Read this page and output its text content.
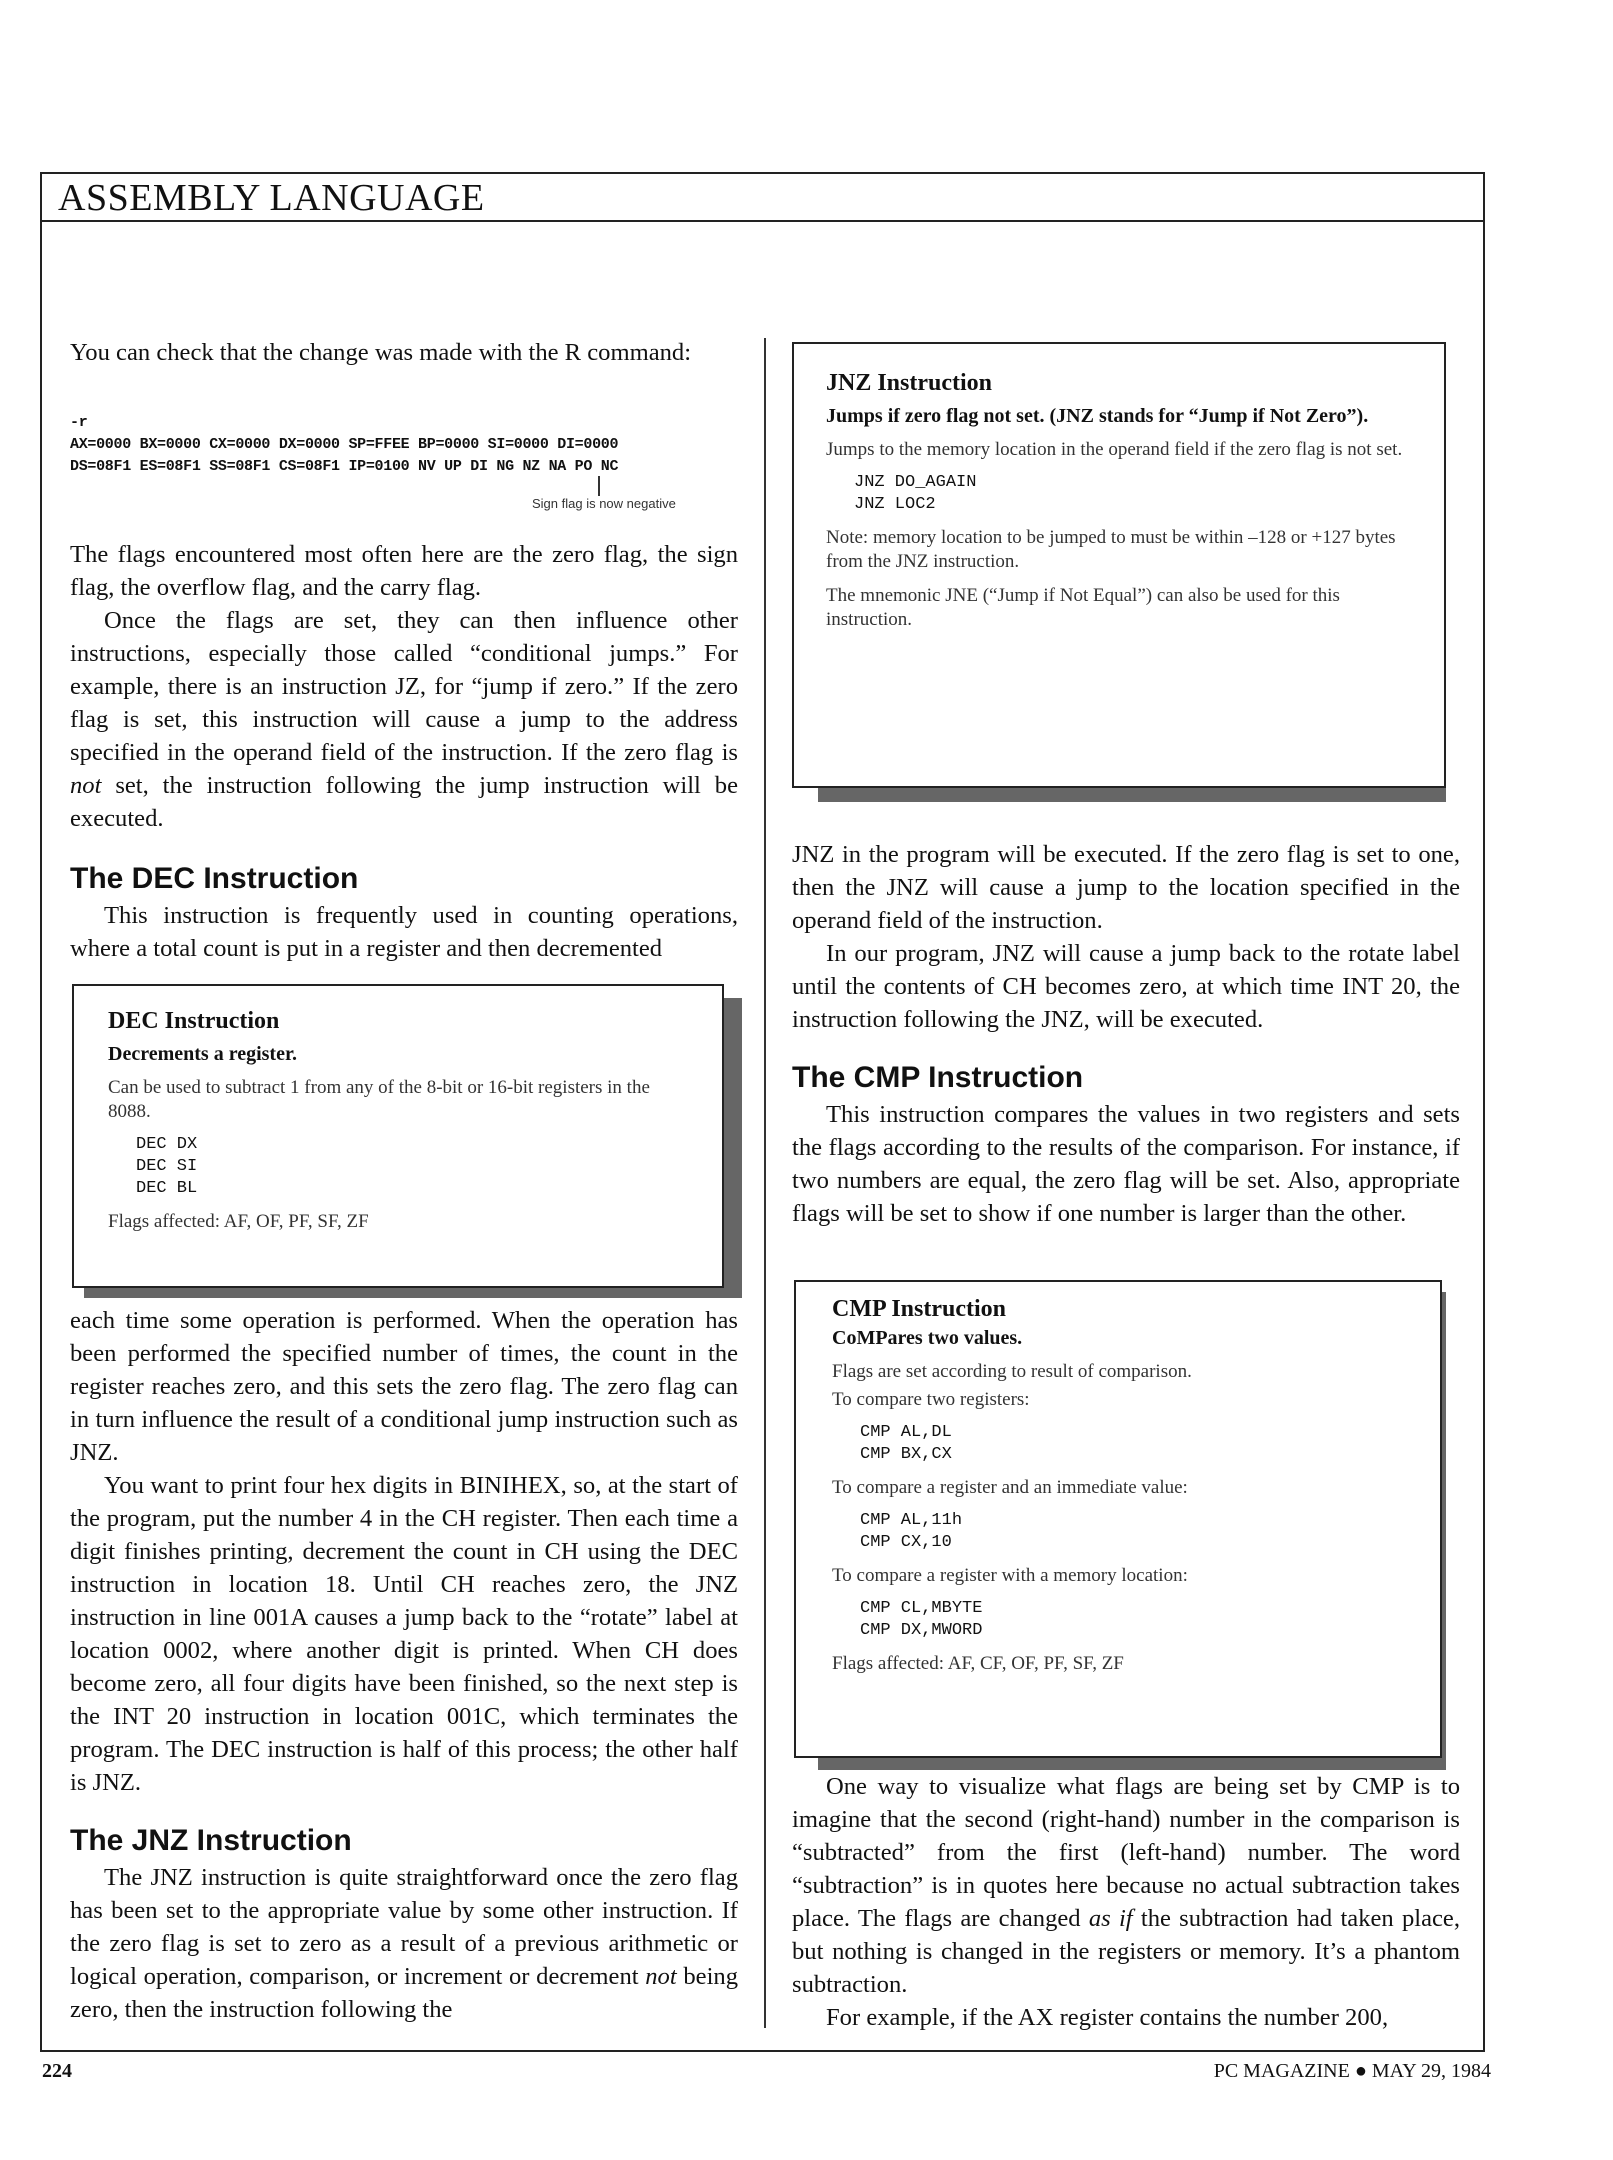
ASSEMBLY LANGUAGE

You can check that the change was made with the R command:

-r
AX=0000 BX=0000 CX=0000 DX=0000 SP=FFEE BP=0000 SI=0000 DI=0000
DS=08F1 ES=08F1 SS=08F1 CS=08F1 IP=0100 NV UP DI NG NZ NA PO NC
Sign flag is now negative

The flags encountered most often here are the zero flag, the sign flag, the overflow flag, and the carry flag.

Once the flags are set, they can then influence other instructions, especially those called “conditional jumps.” For example, there is an instruction JZ, for “jump if zero.” If the zero flag is set, this instruction will cause a jump to the address specified in the operand field of the instruction. If the zero flag is not set, the instruction following the jump instruction will be executed.

The DEC Instruction

This instruction is frequently used in counting operations, where a total count is put in a register and then decremented

DEC Instruction
Decrements a register.
Can be used to subtract 1 from any of the 8-bit or 16-bit registers in the 8088.
DEC DX
DEC SI
DEC BL
Flags affected: AF, OF, PF, SF, ZF

each time some operation is performed. When the operation has been performed the specified number of times, the count in the register reaches zero, and this sets the zero flag. The zero flag can in turn influence the result of a conditional jump instruction such as JNZ.

You want to print four hex digits in BINIHEX, so, at the start of the program, put the number 4 in the CH register. Then each time a digit finishes printing, decrement the count in CH using the DEC instruction in location 18. Until CH reaches zero, the JNZ instruction in line 001A causes a jump back to the “rotate” label at location 0002, where another digit is printed. When CH does become zero, all four digits have been finished, so the next step is the INT 20 instruction in location 001C, which terminates the program. The DEC instruction is half of this process; the other half is JNZ.

The JNZ Instruction

The JNZ instruction is quite straightforward once the zero flag has been set to the appropriate value by some other instruction. If the zero flag is set to zero as a result of a previous arithmetic or logical operation, comparison, or increment or decrement not being zero, then the instruction following the

JNZ Instruction
Jumps if zero flag not set. (JNZ stands for “Jump if Not Zero”).
Jumps to the memory location in the operand field if the zero flag is not set.
JNZ DO_AGAIN
JNZ LOC2
Note: memory location to be jumped to must be within –128 or +127 bytes from the JNZ instruction.
The mnemonic JNE (“Jump if Not Equal”) can also be used for this instruction.

JNZ in the program will be executed. If the zero flag is set to one, then the JNZ will cause a jump to the location specified in the operand field of the instruction.

In our program, JNZ will cause a jump back to the rotate label until the contents of CH becomes zero, at which time INT 20, the instruction following the JNZ, will be executed.

The CMP Instruction

This instruction compares the values in two registers and sets the flags according to the results of the comparison. For instance, if two numbers are equal, the zero flag will be set. Also, appropriate flags will be set to show if one number is larger than the other.

CMP Instruction
CoMPares two values.
Flags are set according to result of comparison.
To compare two registers:
CMP AL,DL
CMP BX,CX
To compare a register and an immediate value:
CMP AL,11h
CMP CX,10
To compare a register with a memory location:
CMP CL,MBYTE
CMP DX,MWORD
Flags affected: AF, CF, OF, PF, SF, ZF

One way to visualize what flags are being set by CMP is to imagine that the second (right-hand) number in the comparison is “subtracted” from the first (left-hand) number. The word “subtraction” is in quotes here because no actual subtraction takes place. The flags are changed as if the subtraction had taken place, but nothing is changed in the registers or memory. It’s a phantom subtraction.

For example, if the AX register contains the number 200,

224	PC MAGAZINE ● MAY 29, 1984
